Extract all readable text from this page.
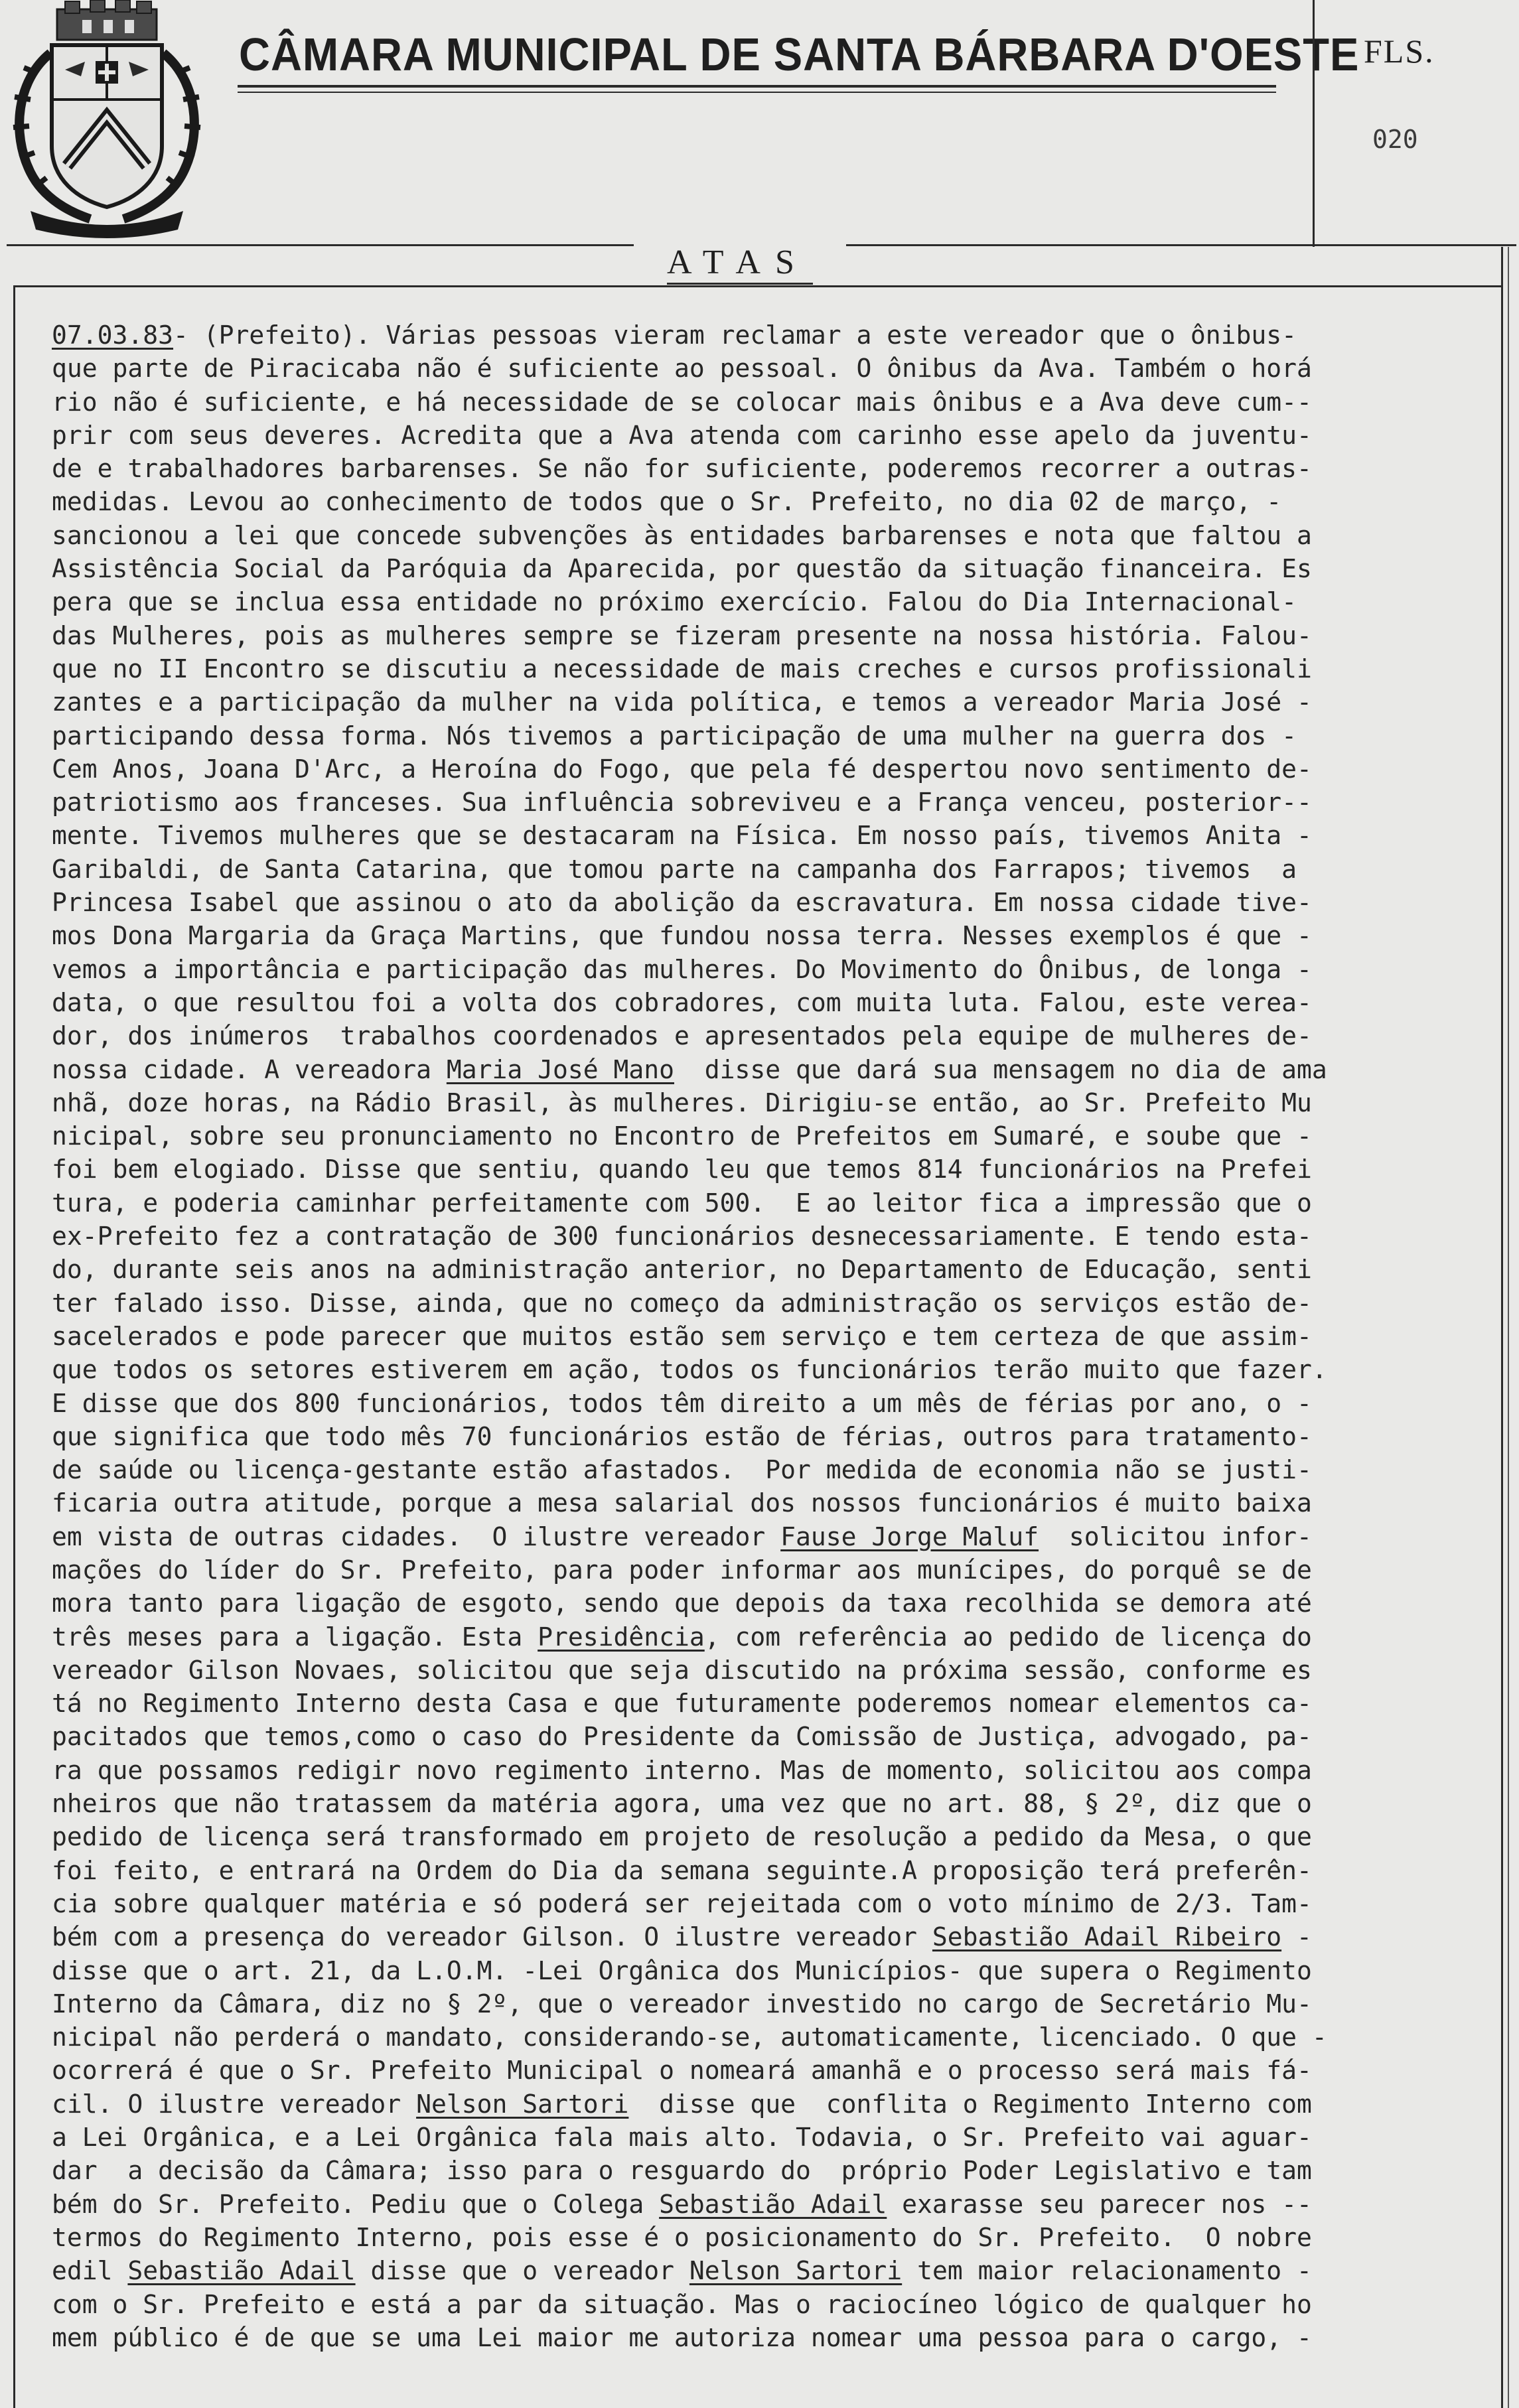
CÂMARA MUNICIPAL DE SANTA BÁRBARA D'OESTE FLS.
020
ATAS
07.03.83- (Prefeito). Várias pessoas vieram reclamar a este vereador que o ônibus-
que parte de Piracicaba não é suficiente ao pessoal. O ônibus da Ava. Também o horá
rio não é suficiente, e há necessidade de se colocar mais ônibus e a Ava deve cum--
prir com seus deveres. Acredita que a Ava atenda com carinho esse apelo da juventu-
de e trabalhadores barbarenses. Se não for suficiente, poderemos recorrer a outras-
medidas. Levou ao conhecimento de todos que o Sr. Prefeito, no dia 02 de março, -
sancionou a lei que concede subvenções às entidades barbarenses e nota que faltou a
Assistência Social da Paróquia da Aparecida, por questão da situação financeira. Es
pera que se inclua essa entidade no próximo exercício. Falou do Dia Internacional-
das Mulheres, pois as mulheres sempre se fizeram presente na nossa história. Falou-
que no II Encontro se discutiu a necessidade de mais creches e cursos profissionali
zantes e a participação da mulher na vida política, e temos a vereador Maria José -
participando dessa forma. Nós tivemos a participação de uma mulher na guerra dos -
Cem Anos, Joana D'Arc, a Heroína do Fogo, que pela fé despertou novo sentimento de-
patriotismo aos franceses. Sua influência sobreviveu e a França venceu, posterior--
mente. Tivemos mulheres que se destacaram na Física. Em nosso país, tivemos Anita -
Garibaldi, de Santa Catarina, que tomou parte na campanha dos Farrapos; tivemos  a
Princesa Isabel que assinou o ato da abolição da escravatura. Em nossa cidade tive-
mos Dona Margaria da Graça Martins, que fundou nossa terra. Nesses exemplos é que -
vemos a importância e participação das mulheres. Do Movimento do Ônibus, de longa -
data, o que resultou foi a volta dos cobradores, com muita luta. Falou, este verea-
dor, dos inúmeros  trabalhos coordenados e apresentados pela equipe de mulheres de-
nossa cidade. A vereadora Maria José Mano  disse que dará sua mensagem no dia de ama
nhã, doze horas, na Rádio Brasil, às mulheres. Dirigiu-se então, ao Sr. Prefeito Mu
nicipal, sobre seu pronunciamento no Encontro de Prefeitos em Sumaré, e soube que -
foi bem elogiado. Disse que sentiu, quando leu que temos 814 funcionários na Prefei
tura, e poderia caminhar perfeitamente com 500.  E ao leitor fica a impressão que o
ex-Prefeito fez a contratação de 300 funcionários desnecessariamente. E tendo esta-
do, durante seis anos na administração anterior, no Departamento de Educação, senti
ter falado isso. Disse, ainda, que no começo da administração os serviços estão de-
sacelerados e pode parecer que muitos estão sem serviço e tem certeza de que assim-
que todos os setores estiverem em ação, todos os funcionários terão muito que fazer.
E disse que dos 800 funcionários, todos têm direito a um mês de férias por ano, o -
que significa que todo mês 70 funcionários estão de férias, outros para tratamento-
de saúde ou licença-gestante estão afastados.  Por medida de economia não se justi-
ficaria outra atitude, porque a mesa salarial dos nossos funcionários é muito baixa
em vista de outras cidades.  O ilustre vereador Fause Jorge Maluf  solicitou infor-
mações do líder do Sr. Prefeito, para poder informar aos munícipes, do porquê se de
mora tanto para ligação de esgoto, sendo que depois da taxa recolhida se demora até
três meses para a ligação. Esta Presidência, com referência ao pedido de licença do
vereador Gilson Novaes, solicitou que seja discutido na próxima sessão, conforme es
tá no Regimento Interno desta Casa e que futuramente poderemos nomear elementos ca-
pacitados que temos,como o caso do Presidente da Comissão de Justiça, advogado, pa-
ra que possamos redigir novo regimento interno. Mas de momento, solicitou aos compa
nheiros que não tratassem da matéria agora, uma vez que no art. 88, § 2º, diz que o
pedido de licença será transformado em projeto de resolução a pedido da Mesa, o que
foi feito, e entrará na Ordem do Dia da semana seguinte.A proposição terá preferên-
cia sobre qualquer matéria e só poderá ser rejeitada com o voto mínimo de 2/3. Tam-
bém com a presença do vereador Gilson. O ilustre vereador Sebastião Adail Ribeiro -
disse que o art. 21, da L.O.M. -Lei Orgânica dos Municípios- que supera o Regimento
Interno da Câmara, diz no § 2º, que o vereador investido no cargo de Secretário Mu-
nicipal não perderá o mandato, considerando-se, automaticamente, licenciado. O que -
ocorrerá é que o Sr. Prefeito Municipal o nomeará amanhã e o processo será mais fá-
cil. O ilustre vereador Nelson Sartori  disse que  conflita o Regimento Interno com
a Lei Orgânica, e a Lei Orgânica fala mais alto. Todavia, o Sr. Prefeito vai aguar-
dar  a decisão da Câmara; isso para o resguardo do  próprio Poder Legislativo e tam
bém do Sr. Prefeito. Pediu que o Colega Sebastião Adail exarasse seu parecer nos --
termos do Regimento Interno, pois esse é o posicionamento do Sr. Prefeito.  O nobre
edil Sebastião Adail disse que o vereador Nelson Sartori tem maior relacionamento -
com o Sr. Prefeito e está a par da situação. Mas o raciocíneo lógico de qualquer ho
mem público é de que se uma Lei maior me autoriza nomear uma pessoa para o cargo, -
